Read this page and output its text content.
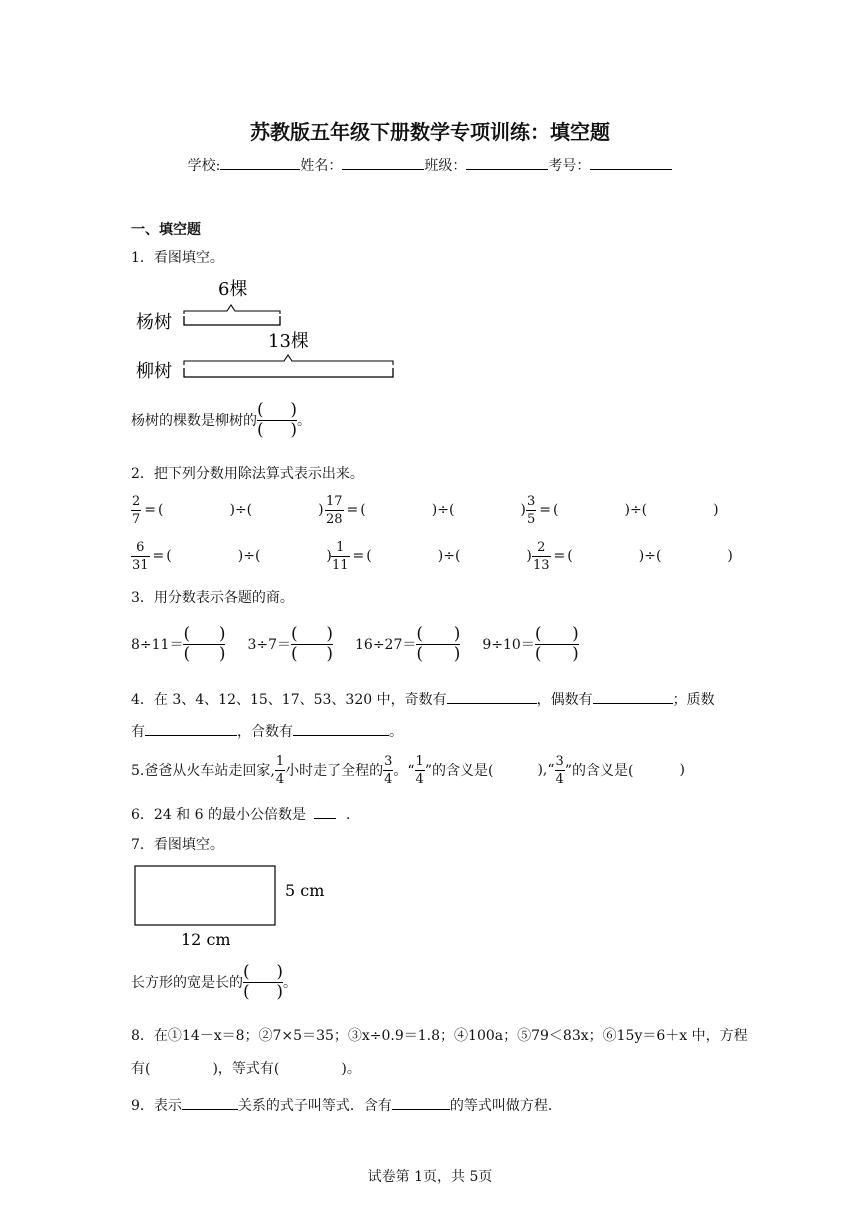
苏教版五年级下册数学专项训练：填空题
学校:	姓名：	班级：	考号：
一、填空题
1．看图填空。
杨树
6棵
柳树
13棵
杨树的棵数是柳树的 $\frac{( )}{( )}$ 。
2．把下列分数用除法算式表示出来。
$\frac{2}{7}$ = (	)÷(	) $\frac{17}{28}$ = (	)÷(	) $\frac{3}{5}$ = (	)÷(	)
$\frac{6}{31}$ = (	)÷(	) $\frac{1}{11}$ = (	)÷(	) $\frac{2}{13}$ = (	)÷(	)
3．用分数表示各题的商。
$8\div 11= \frac{( )}{( )} 3\div 7= \frac{( )}{( )} 16\div 27= \frac{( )}{( )} 9\div 10= \frac{( )}{( )}$
4．在 3、4、12、15、17、53、320 中，奇数有	，偶数有	；质数
有	，合数有	。
5.爸爸从火车站走回家, $\frac{1}{4}$ 小时走了全程的 $\frac{3}{4}$ 。“ $\frac{1}{4}$ ”的含义是(	),“ $\frac{3}{4}$ ”的含义是(	)
6．24 和 6 的最小公倍数是	．
7．看图填空。
5 cm
12 cm
长方形的宽是长的 $\frac{( )}{( )}$ 。
8．在①14－x＝8；②7×5＝35；③x÷0.9＝1.8；④100a；⑤79＜83x；⑥15y＝6＋x 中，方程
有(	)，等式有(	)。
9．表示	关系的式子叫等式．含有	的等式叫做方程．
试卷第 1页，共 5页
